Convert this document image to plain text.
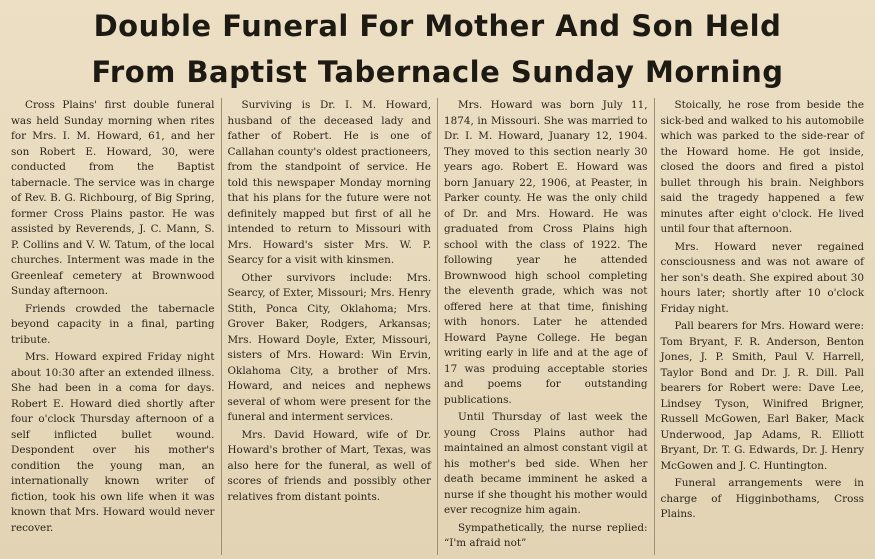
Double Funeral For Mother And Son Held
From Baptist Tabernacle Sunday Morning

Cross Plains' first double funeral was held Sunday morning when rites for Mrs. I. M. Howard, 61, and her son Robert E. Howard, 30, were conducted from the Baptist tabernacle. The service was in charge of Rev. B. G. Richbourg, of Big Spring, former Cross Plains pastor. He was assisted by Reverends, J. C. Mann, S. P. Collins and V. W. Tatum, of the local churches. Interment was made in the Greenleaf cemetery at Brownwood Sunday afternoon.

Friends crowded the tabernacle beyond capacity in a final, parting tribute.

Mrs. Howard expired Friday night about 10:30 after an extended illness. She had been in a coma for days. Robert E. Howard died shortly after four o'clock Thursday afternoon of a self inflicted bullet wound. Despondent over his mother's condition the young man, an internationally known writer of fiction, took his own life when it was known that Mrs. Howard would never recover.

Surviving is Dr. I. M. Howard, husband of the deceased lady and father of Robert. He is one of Callahan county's oldest practioneers, from the standpoint of service. He told this newspaper Monday morning that his plans for the future were not definitely mapped but first of all he intended to return to Missouri with Mrs. Howard's sister Mrs. W. P. Searcy for a visit with kinsmen.

Other survivors include: Mrs. Searcy, of Exter, Missouri; Mrs. Henry Stith, Ponca City, Oklahoma; Mrs. Grover Baker, Rodgers, Arkansas; Mrs. Howard Doyle, Exter, Missouri, sisters of Mrs. Howard: Win Ervin, Oklahoma City, a brother of Mrs. Howard, and neices and nephews several of whom were present for the funeral and interment services.

Mrs. David Howard, wife of Dr. Howard's brother of Mart, Texas, was also here for the funeral, as well of scores of friends and possibly other relatives from distant points.

Mrs. Howard was born July 11, 1874, in Missouri. She was married to Dr. I. M. Howard, Juanary 12, 1904. They moved to this section nearly 30 years ago. Robert E. Howard was born January 22, 1906, at Peaster, in Parker county. He was the only child of Dr. and Mrs. Howard. He was graduated from Cross Plains high school with the class of 1922. The following year he attended Brownwood high school completing the eleventh grade, which was not offered here at that time, finishing with honors. Later he attended Howard Payne College. He began writing early in life and at the age of 17 was produing acceptable stories and poems for outstanding publications.

Until Thursday of last week the young Cross Plains author had maintained an almost constant vigil at his mother's bed side. When her death became imminent he asked a nurse if she thought his mother would ever recognize him again.

Sympathetically, the nurse replied: “I'm afraid not”

Stoically, he rose from beside the sick-bed and walked to his automobile which was parked to the side-rear of the Howard home. He got inside, closed the doors and fired a pistol bullet through his brain. Neighbors said the tragedy happened a few minutes after eight o'clock. He lived until four that afternoon.

Mrs. Howard never regained consciousness and was not aware of her son's death. She expired about 30 hours later; shortly after 10 o'clock Friday night.

Pall bearers for Mrs. Howard were: Tom Bryant, F. R. Anderson, Benton Jones, J. P. Smith, Paul V. Harrell, Taylor Bond and Dr. J. R. Dill. Pall bearers for Robert were: Dave Lee, Lindsey Tyson, Winifred Brigner, Russell McGowen, Earl Baker, Mack Underwood, Jap Adams, R. Elliott Bryant, Dr. T. G. Edwards, Dr. J. Henry McGowen and J. C. Huntington.

Funeral arrangements were in charge of Higginbothams, Cross Plains.
